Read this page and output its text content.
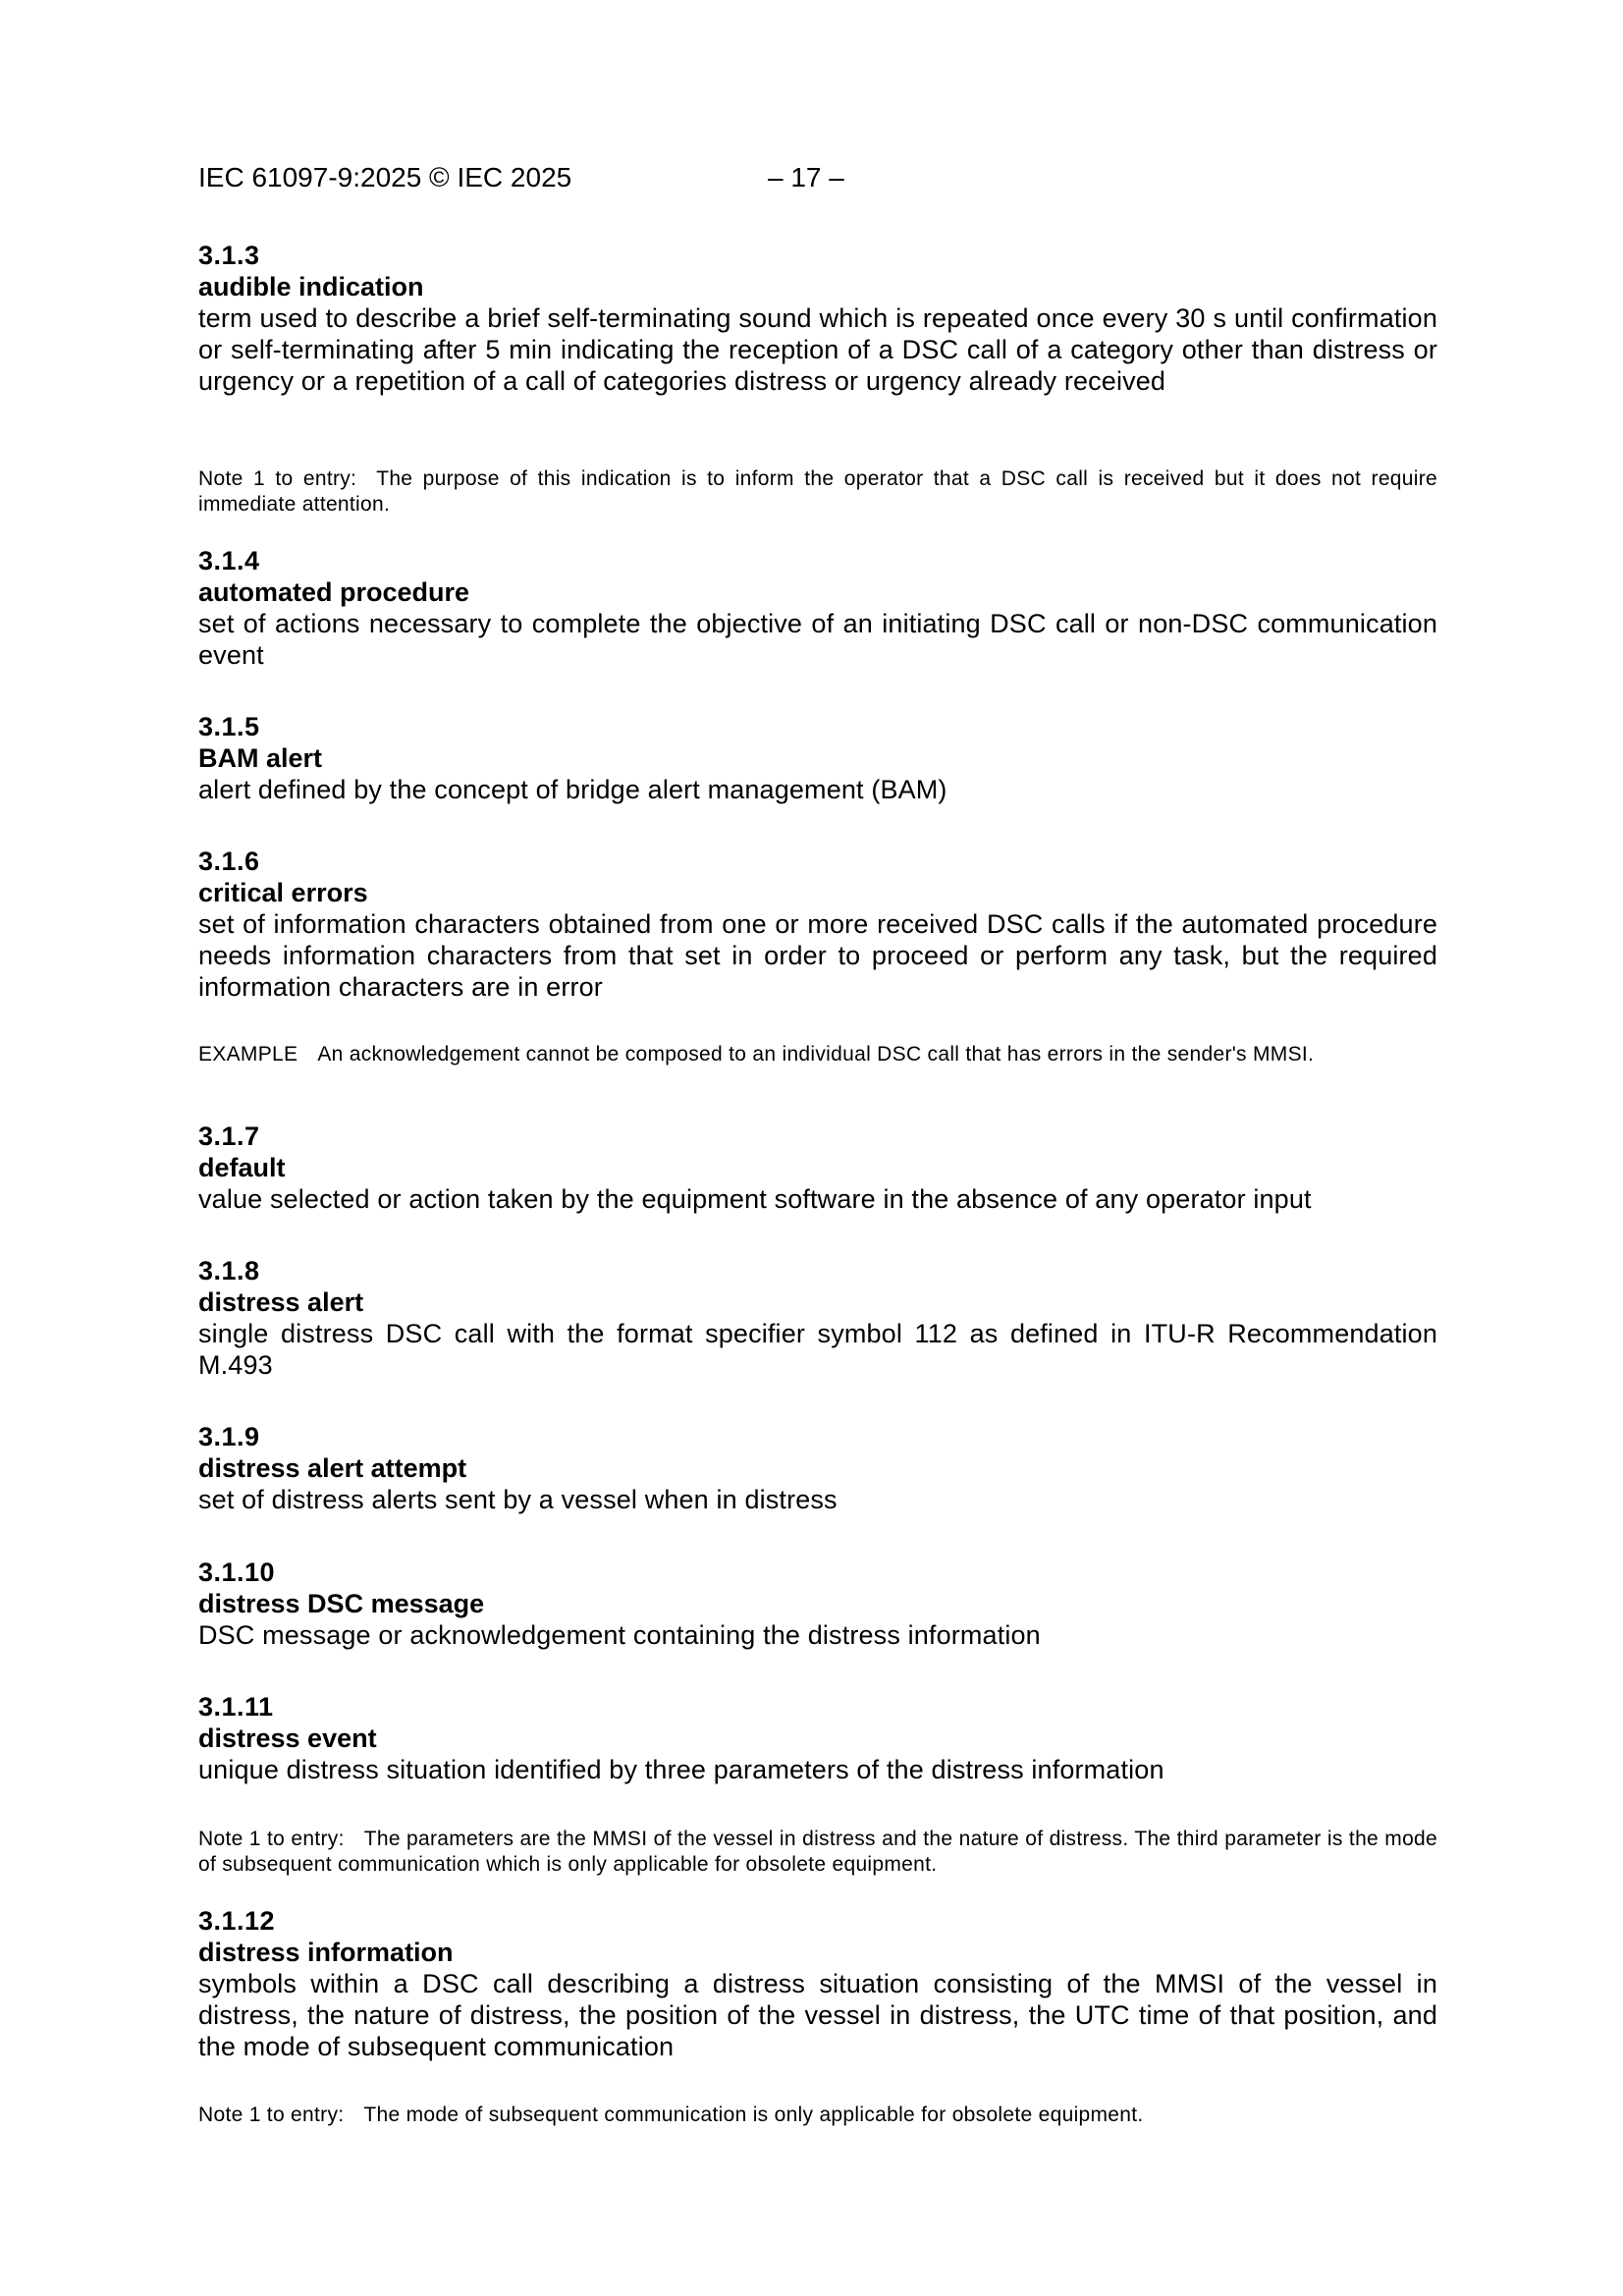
IEC 61097-9:2025 © IEC 2025	– 17 –
3.1.3
audible indication
term used to describe a brief self-terminating sound which is repeated once every 30 s until confirmation or self-terminating after 5 min indicating the reception of a DSC call of a category other than distress or urgency or a repetition of a call of categories distress or urgency already received
Note 1 to entry: The purpose of this indication is to inform the operator that a DSC call is received but it does not require immediate attention.
3.1.4
automated procedure
set of actions necessary to complete the objective of an initiating DSC call or non-DSC communication event
3.1.5
BAM alert
alert defined by the concept of bridge alert management (BAM)
3.1.6
critical errors
set of information characters obtained from one or more received DSC calls if the automated procedure needs information characters from that set in order to proceed or perform any task, but the required information characters are in error
EXAMPLE An acknowledgement cannot be composed to an individual DSC call that has errors in the sender's MMSI.
3.1.7
default
value selected or action taken by the equipment software in the absence of any operator input
3.1.8
distress alert
single distress DSC call with the format specifier symbol 112 as defined in ITU-R Recommendation M.493
3.1.9
distress alert attempt
set of distress alerts sent by a vessel when in distress
3.1.10
distress DSC message
DSC message or acknowledgement containing the distress information
3.1.11
distress event
unique distress situation identified by three parameters of the distress information
Note 1 to entry: The parameters are the MMSI of the vessel in distress and the nature of distress. The third parameter is the mode of subsequent communication which is only applicable for obsolete equipment.
3.1.12
distress information
symbols within a DSC call describing a distress situation consisting of the MMSI of the vessel in distress, the nature of distress, the position of the vessel in distress, the UTC time of that position, and the mode of subsequent communication
Note 1 to entry: The mode of subsequent communication is only applicable for obsolete equipment.
